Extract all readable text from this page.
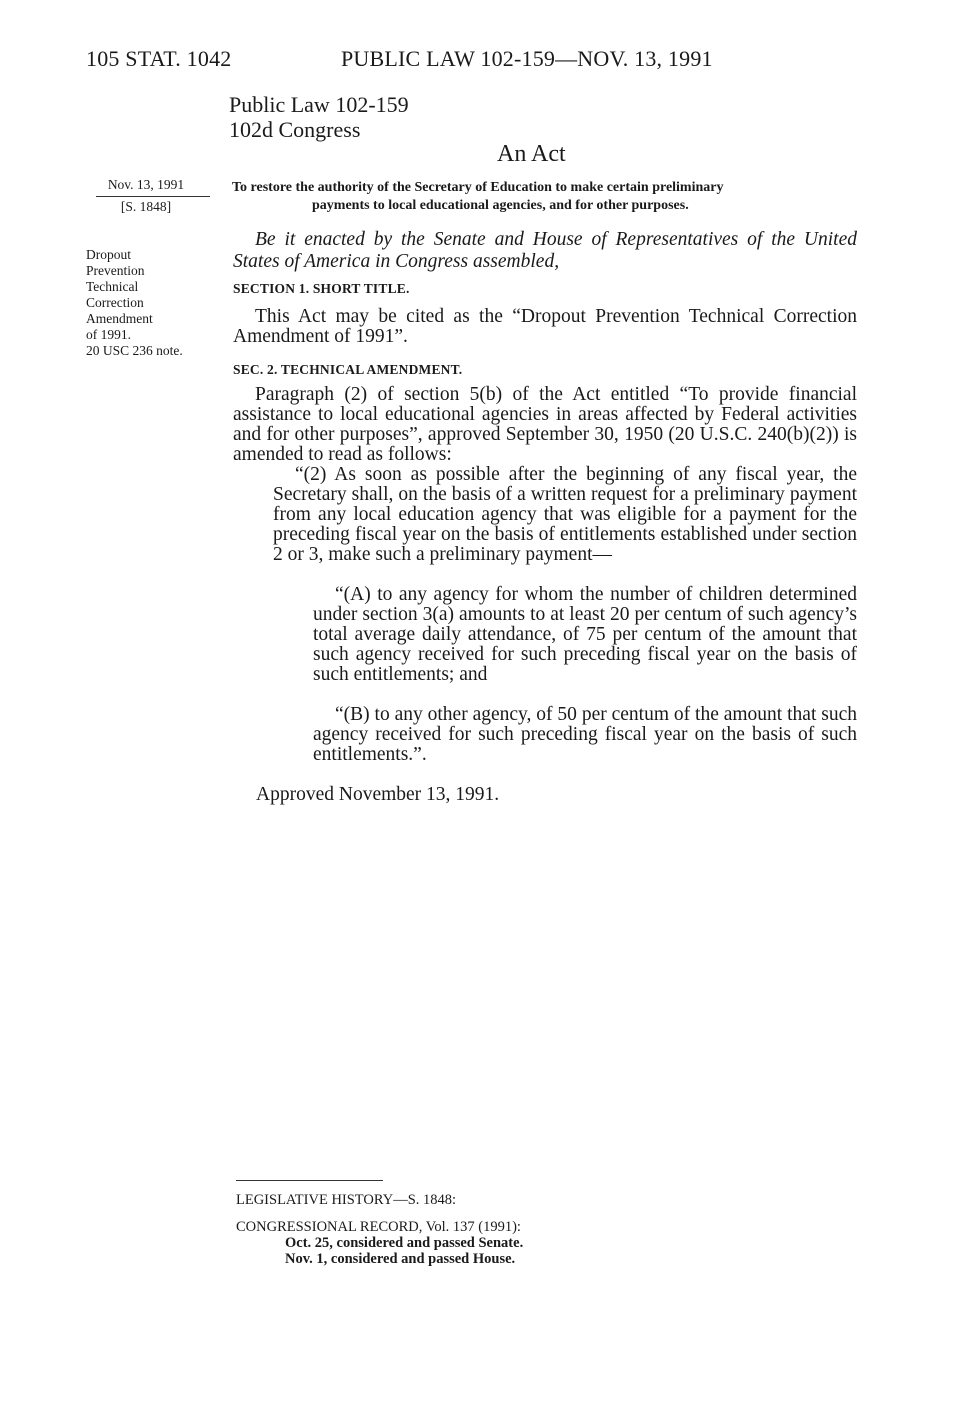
105 STAT. 1042	PUBLIC LAW 102-159—NOV. 13, 1991
Public Law 102-159
102d Congress
An Act
Nov. 13, 1991
[S. 1848]
Dropout
Prevention
Technical
Correction
Amendment
of 1991.
20 USC 236 note.
To restore the authority of the Secretary of Education to make certain preliminary
payments to local educational agencies, and for other purposes.
Be it enacted by the Senate and House of Representatives of the United States of America in Congress assembled,
SECTION 1. SHORT TITLE.
This Act may be cited as the “Dropout Prevention Technical Correction Amendment of 1991”.
SEC. 2. TECHNICAL AMENDMENT.
Paragraph (2) of section 5(b) of the Act entitled “To provide financial assistance to local educational agencies in areas affected by Federal activities and for other purposes”, approved September 30, 1950 (20 U.S.C. 240(b)(2)) is amended to read as follows:
“(2) As soon as possible after the beginning of any fiscal year, the Secretary shall, on the basis of a written request for a preliminary payment from any local education agency that was eligible for a payment for the preceding fiscal year on the basis of entitlements established under section 2 or 3, make such a preliminary payment—
“(A) to any agency for whom the number of children determined under section 3(a) amounts to at least 20 per centum of such agency’s total average daily attendance, of 75 per centum of the amount that such agency received for such preceding fiscal year on the basis of such entitlements; and
“(B) to any other agency, of 50 per centum of the amount that such agency received for such preceding fiscal year on the basis of such entitlements.”.
Approved November 13, 1991.
LEGISLATIVE HISTORY—S. 1848:
CONGRESSIONAL RECORD, Vol. 137 (1991):
Oct. 25, considered and passed Senate.
Nov. 1, considered and passed House.
